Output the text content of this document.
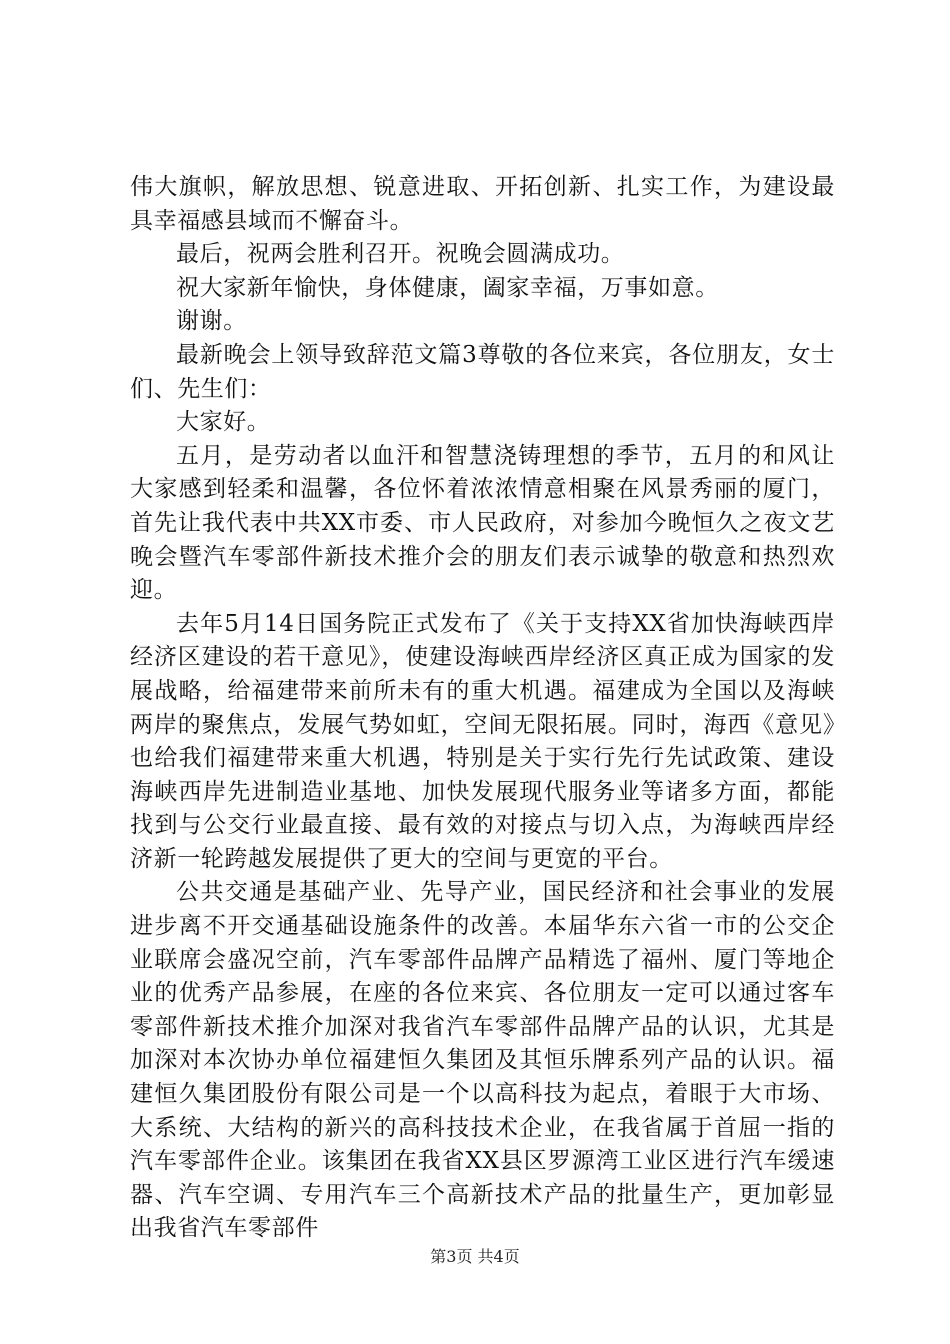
伟大旗帜，解放思想、锐意进取、开拓创新、扎实工作，为建设最具幸福感县域而不懈奋斗。

最后，祝两会胜利召开。祝晚会圆满成功。

祝大家新年愉快，身体健康，阖家幸福，万事如意。

谢谢。

最新晚会上领导致辞范文篇3尊敬的各位来宾，各位朋友，女士们、先生们：

大家好。

五月，是劳动者以血汗和智慧浇铸理想的季节，五月的和风让大家感到轻柔和温馨，各位怀着浓浓情意相聚在风景秀丽的厦门，首先让我代表中共XX市委、市人民政府，对参加今晚恒久之夜文艺晚会暨汽车零部件新技术推介会的朋友们表示诚挚的敬意和热烈欢迎。

去年5月14日国务院正式发布了《关于支持XX省加快海峡西岸经济区建设的若干意见》，使建设海峡西岸经济区真正成为国家的发展战略，给福建带来前所未有的重大机遇。福建成为全国以及海峡两岸的聚焦点，发展气势如虹，空间无限拓展。同时，海西《意见》也给我们福建带来重大机遇，特别是关于实行先行先试政策、建设海峡西岸先进制造业基地、加快发展现代服务业等诸多方面，都能找到与公交行业最直接、最有效的对接点与切入点，为海峡西岸经济新一轮跨越发展提供了更大的空间与更宽的平台。

公共交通是基础产业、先导产业，国民经济和社会事业的发展进步离不开交通基础设施条件的改善。本届华东六省一市的公交企业联席会盛况空前，汽车零部件品牌产品精选了福州、厦门等地企业的优秀产品参展，在座的各位来宾、各位朋友一定可以通过客车零部件新技术推介加深对我省汽车零部件品牌产品的认识，尤其是加深对本次协办单位福建恒久集团及其恒乐牌系列产品的认识。福建恒久集团股份有限公司是一个以高科技为起点，着眼于大市场、大系统、大结构的新兴的高科技技术企业，在我省属于首屈一指的汽车零部件企业。该集团在我省XX县区罗源湾工业区进行汽车缓速器、汽车空调、专用汽车三个高新技术产品的批量生产，更加彰显出我省汽车零部件

第3页 共4页
